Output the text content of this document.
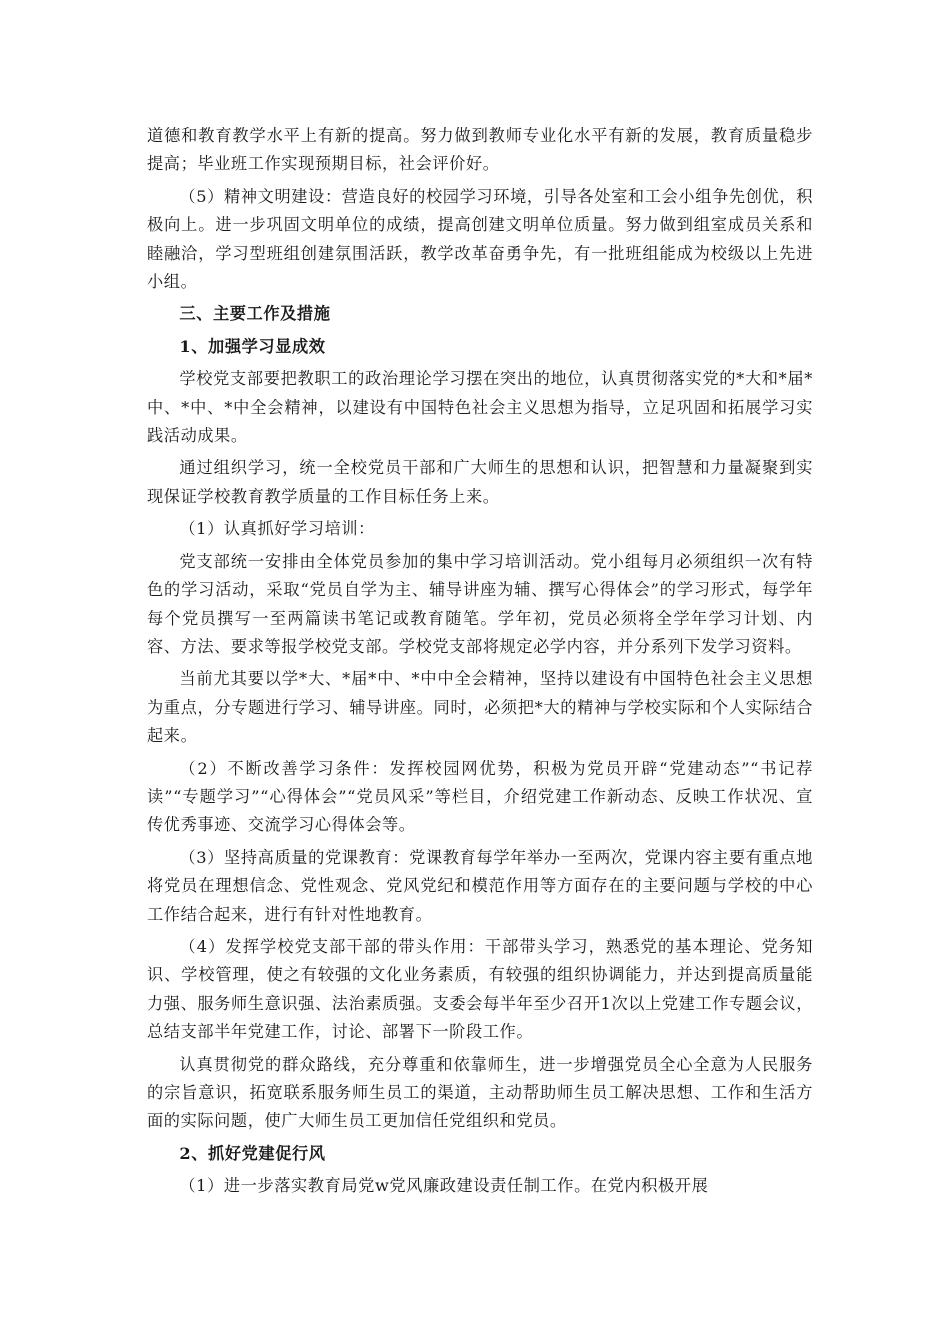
道德和教育教学水平上有新的提高。努力做到教师专业化水平有新的发展，教育质量稳步提高；毕业班工作实现预期目标，社会评价好。

（5）精神文明建设：营造良好的校园学习环境，引导各处室和工会小组争先创优，积极向上。进一步巩固文明单位的成绩，提高创建文明单位质量。努力做到组室成员关系和睦融洽，学习型班组创建氛围活跃，教学改革奋勇争先，有一批班组能成为校级以上先进小组。

三、主要工作及措施

1、加强学习显成效

学校党支部要把教职工的政治理论学习摆在突出的地位，认真贯彻落实党的*大和*届*中、*中、*中全会精神，以建设有中国特色社会主义思想为指导，立足巩固和拓展学习实践活动成果。

通过组织学习，统一全校党员干部和广大师生的思想和认识，把智慧和力量凝聚到实现保证学校教育教学质量的工作目标任务上来。

（1）认真抓好学习培训：

党支部统一安排由全体党员参加的集中学习培训活动。党小组每月必须组织一次有特色的学习活动，采取“党员自学为主、辅导讲座为辅、撰写心得体会”的学习形式，每学年每个党员撰写一至两篇读书笔记或教育随笔。学年初，党员必须将全学年学习计划、内容、方法、要求等报学校党支部。学校党支部将规定必学内容，并分系列下发学习资料。

当前尤其要以学*大、*届*中、*中中全会精神，坚持以建设有中国特色社会主义思想为重点，分专题进行学习、辅导讲座。同时，必须把*大的精神与学校实际和个人实际结合起来。

（2）不断改善学习条件：发挥校园网优势，积极为党员开辟“党建动态”“书记荐读”“专题学习”“心得体会”“党员风采”等栏目，介绍党建工作新动态、反映工作状况、宣传优秀事迹、交流学习心得体会等。

（3）坚持高质量的党课教育：党课教育每学年举办一至两次，党课内容主要有重点地将党员在理想信念、党性观念、党风党纪和模范作用等方面存在的主要问题与学校的中心工作结合起来，进行有针对性地教育。

（4）发挥学校党支部干部的带头作用：干部带头学习，熟悉党的基本理论、党务知识、学校管理，使之有较强的文化业务素质，有较强的组织协调能力，并达到提高质量能力强、服务师生意识强、法治素质强。支委会每半年至少召开1次以上党建工作专题会议，总结支部半年党建工作，讨论、部署下一阶段工作。

认真贯彻党的群众路线，充分尊重和依靠师生，进一步增强党员全心全意为人民服务的宗旨意识，拓宽联系服务师生员工的渠道，主动帮助师生员工解决思想、工作和生活方面的实际问题，使广大师生员工更加信任党组织和党员。

2、抓好党建促行风

（1）进一步落实教育局党w党风廉政建设责任制工作。在党内积极开展
